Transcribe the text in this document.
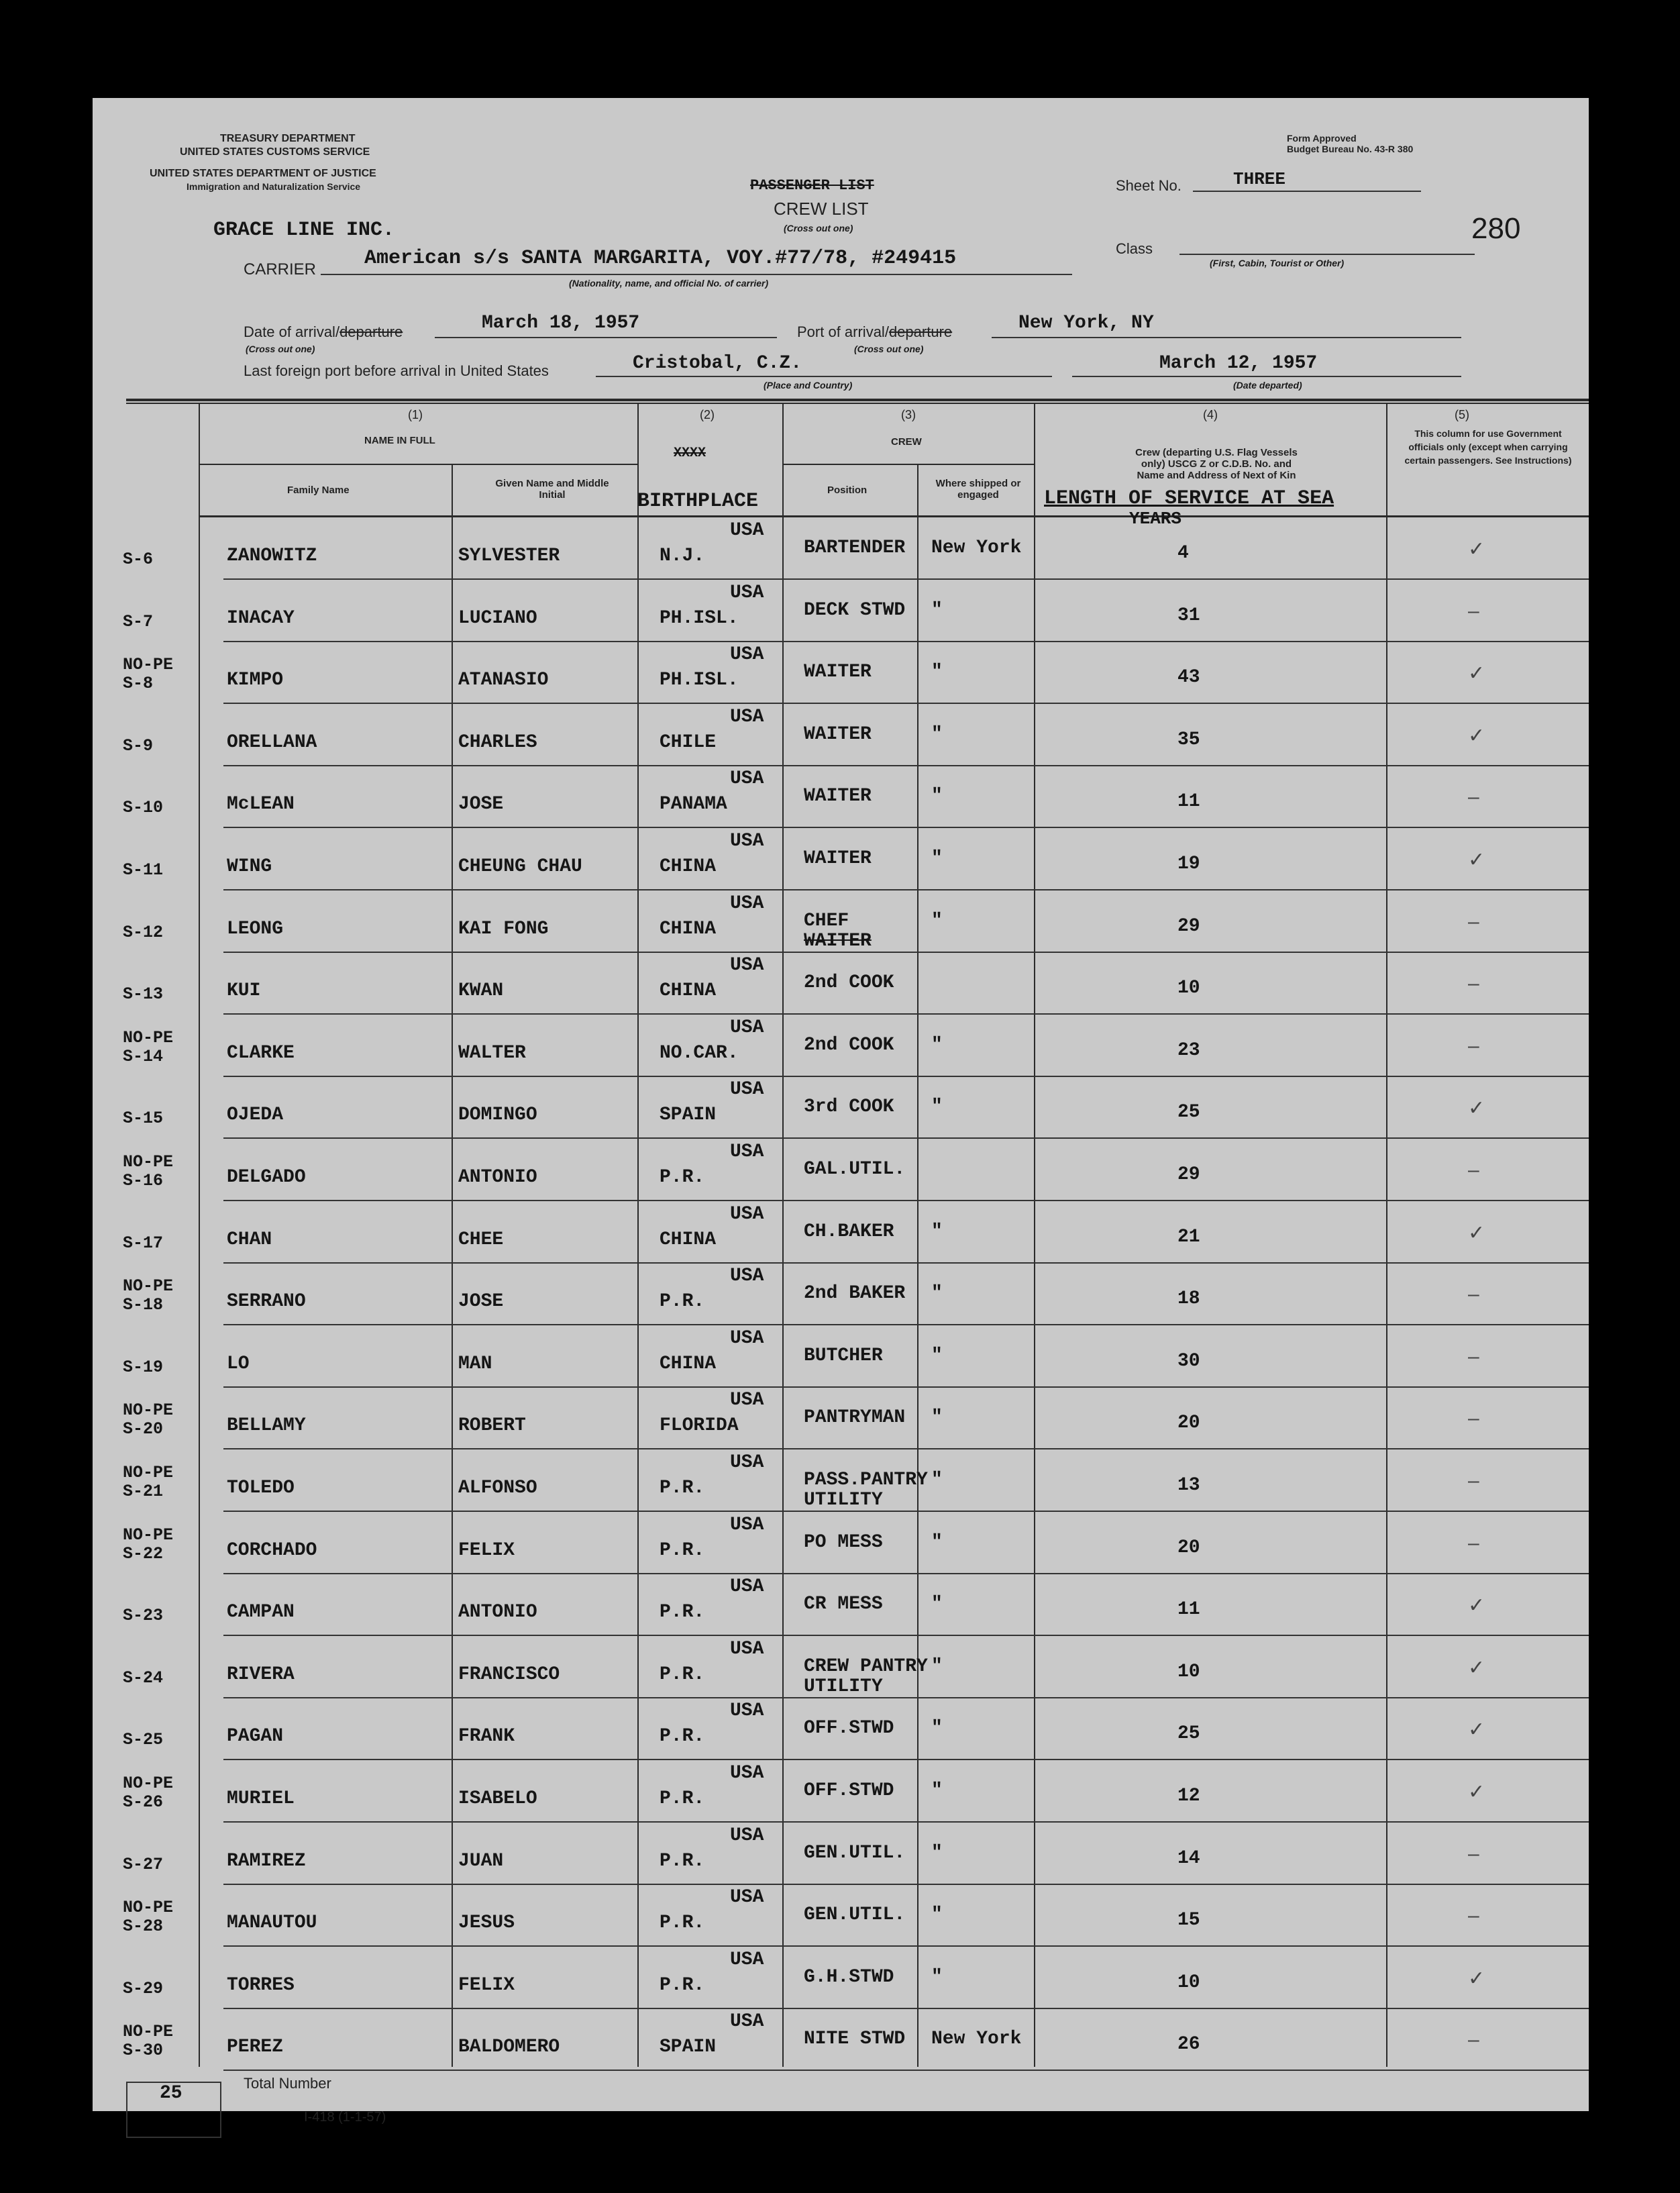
TREASURY DEPARTMENT
UNITED STATES CUSTOMS SERVICE
UNITED STATES DEPARTMENT OF JUSTICE
Immigration and Naturalization Service
Form Approved
Budget Bureau No. 43-R 380
PASSENGER LIST
CREW LIST
(Cross out one)
Sheet No.	THREE
280
GRACE LINE INC.
CARRIER American s/s SANTA MARGARITA, VOY.#77/78, #249415
(Nationality, name, and official No. of carrier)
Class
(First, Cabin, Tourist or Other)
Date of arrival/departure	March 18, 1957
(Cross out one)
Port of arrival/departure	New York, NY
(Cross out one)
Last foreign port before arrival in United States	Cristobal, C.Z.
(Place and Country)
March 12, 1957
(Date departed)
(1)
NAME IN FULL
Family Name
Given Name and Middle Initial
(2)
XXXX
BIRTHPLACE
(3)
CREW
Position
Where shipped or engaged
(4)
Crew (departing U.S. Flag Vessels only) USCG Z or C.D.B. No. and Name and Address of Next of Kin
LENGTH OF SERVICE AT SEA
YEARS
(5)
This column for use Government officials only (except when carrying certain passengers. See Instructions)
S-6	ZANOWITZ	SYLVESTER
USA
N.J.	BARTENDER New York	4	✓
S-7	INACAY	LUCIANO
USA
PH.ISL.	DECK STWD "	31	–
NO-PE
S-8	KIMPO	ATANASIO
USA
PH.ISL.	WAITER	"	43	✓
S-9	ORELLANA	CHARLES
USA
CHILE	WAITER	"	35	✓
S-10	McLEAN	JOSE
USA
PANAMA	WAITER	"	11	–
S-11	WING	CHEUNG CHAU
USA
CHINA	WAITER	"	19	✓
S-12	LEONG	KAI FONG
USA
CHINA	CHEF
WAITER
"	29	–
S-13	KUI	KWAN
USA
CHINA	2nd COOK	10	–
NO-PE
S-14	CLARKE	WALTER
USA
NO.CAR.	2nd COOK "	23	–
S-15	OJEDA	DOMINGO
USA
SPAIN	3rd COOK "	25	✓
NO-PE
S-16	DELGADO	ANTONIO
USA
P.R.	GAL.UTIL.	29	–
S-17	CHAN	CHEE
USA
CHINA	CH.BAKER "	21	✓
NO-PE
S-18	SERRANO	JOSE
USA
P.R.	2nd BAKER "	18	–
S-19	LO	MAN
USA
CHINA	BUTCHER	"	30	–
NO-PE
S-20	BELLAMY	ROBERT
USA
FLORIDA	PANTRYMAN "	20	–
NO-PE
S-21	TOLEDO	ALFONSO
USA
P.R.	PASS.PANTRY
UTILITY
"	13	–
NO-PE
S-22	CORCHADO	FELIX
USA
P.R.	PO MESS	"	20	–
S-23	CAMPAN	ANTONIO
USA
P.R.	CR MESS	"	11	✓
S-24	RIVERA	FRANCISCO
USA
P.R.	CREW PANTRY
UTILITY
"	10	✓
S-25	PAGAN	FRANK
USA
P.R.	OFF.STWD "	25	✓
NO-PE
S-26	MURIEL	ISABELO
USA
P.R.	OFF.STWD "	12	✓
S-27	RAMIREZ	JUAN
USA
P.R.	GEN.UTIL. "	14	–
NO-PE
S-28	MANAUTOU	JESUS
USA
P.R.	GEN.UTIL. "	15	–
S-29	TORRES	FELIX
USA
P.R.	G.H.STWD "	10	✓
NO-PE
S-30	PEREZ	BALDOMERO
USA
SPAIN	NITE STWD New York	26	–
25	Total Number
I-418 (1-1-57)
